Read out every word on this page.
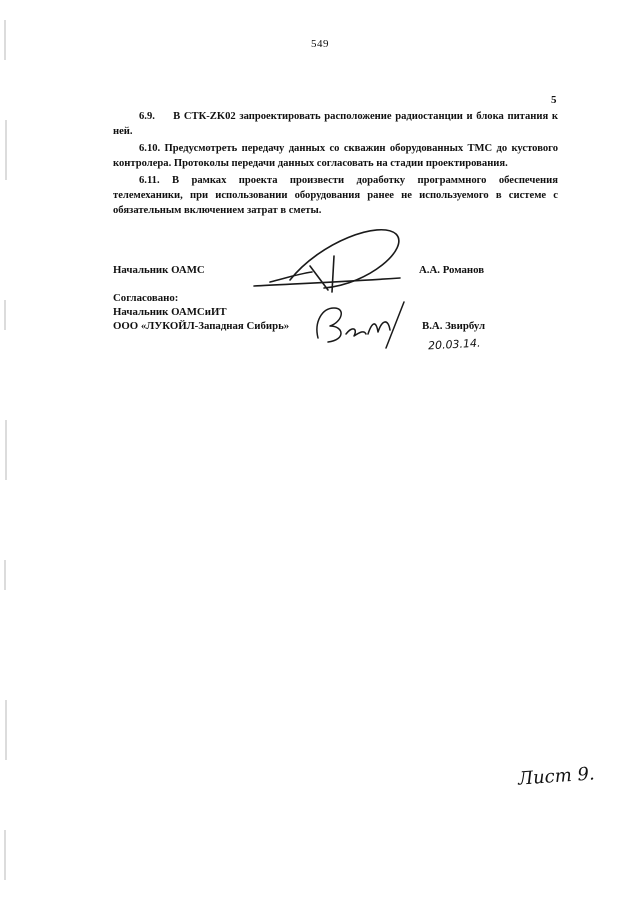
549
5

6.9. В СТК-ZK02 запроектировать расположение радиостанции и блока питания к ней.

6.10. Предусмотреть передачу данных со скважин оборудованных ТМС до кустового контролера. Протоколы передачи данных согласовать на стадии проектирования.

6.11. В рамках проекта произвести доработку программного обеспечения телемеханики, при использовании оборудования ранее не используемого в системе с обязательным включением затрат в сметы.

Начальник ОАМС	А.А. Романов
Согласовано:
Начальник ОАМСиИТ
ООО «ЛУКОЙЛ-Западная Сибирь»	В.А. Звирбул
20.03.14.
Лист 9.
